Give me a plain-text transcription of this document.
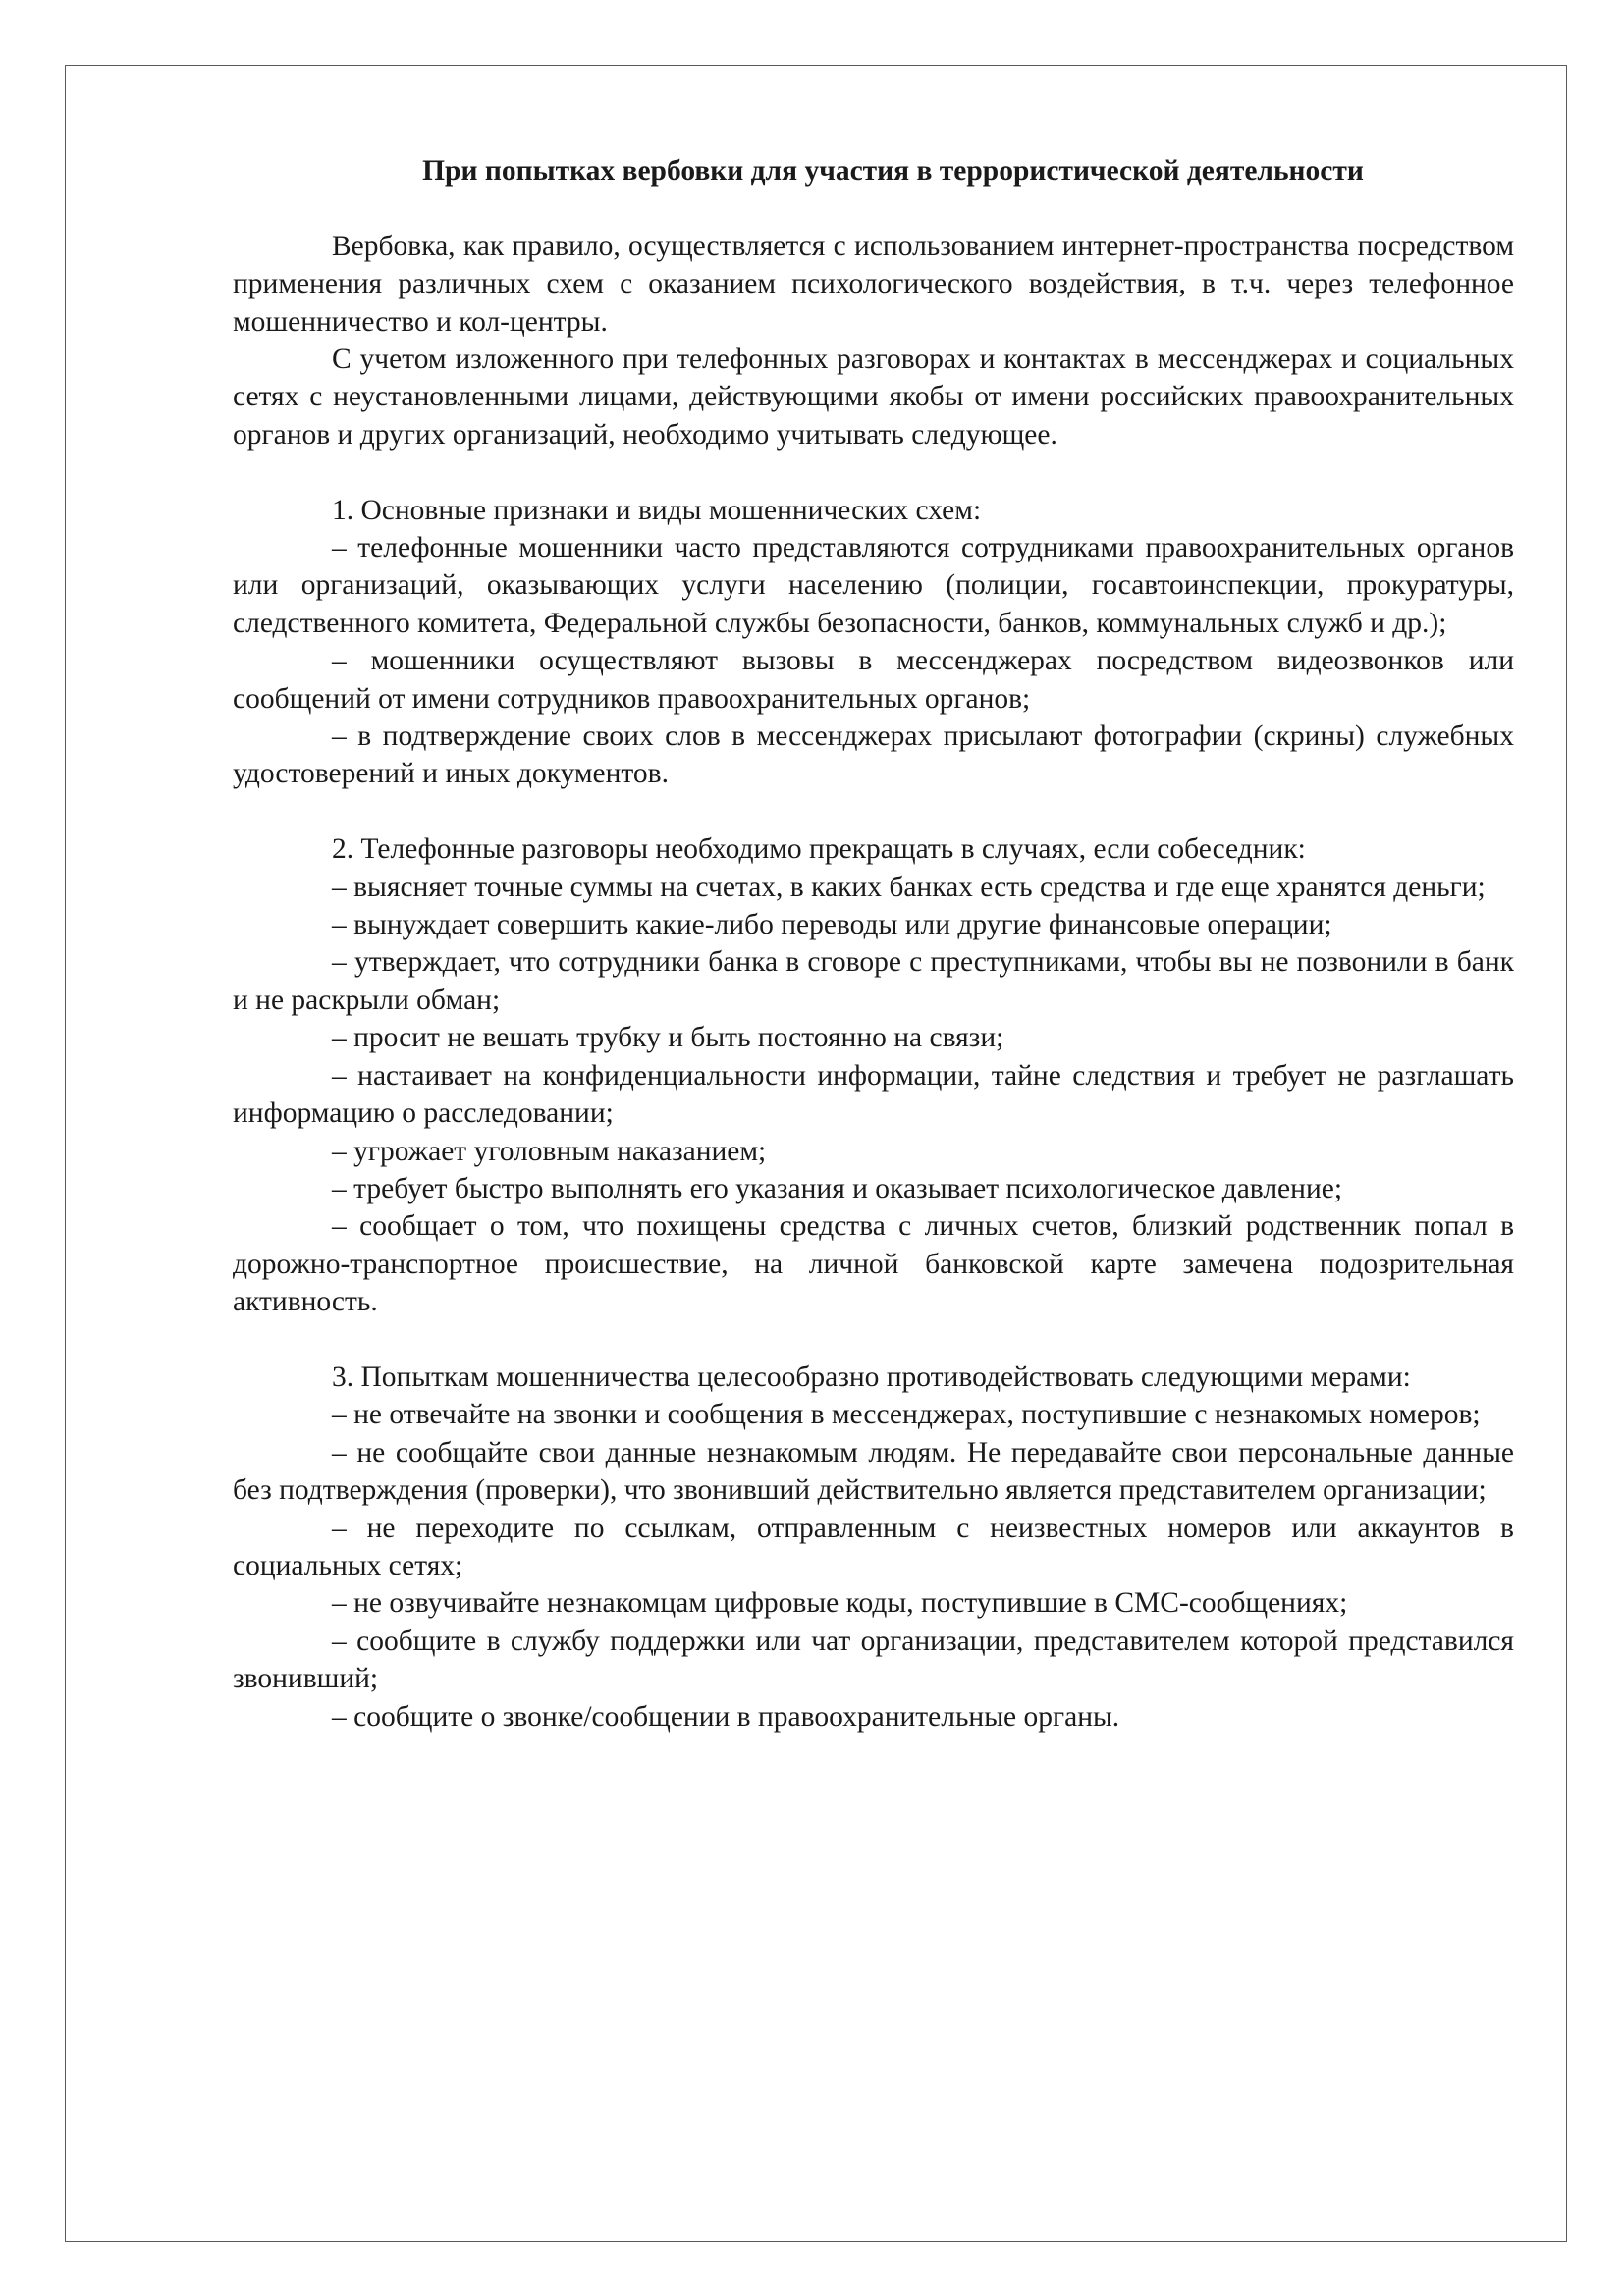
При попытках вербовки для участия в террористической деятельности

Вербовка, как правило, осуществляется с использованием интернет-пространства посредством применения различных схем с оказанием психологического воздействия, в т.ч. через телефонное мошенничество и кол-центры.

С учетом изложенного при телефонных разговорах и контактах в мессенджерах и социальных сетях с неустановленными лицами, действующими якобы от имени российских правоохранительных органов и других организаций, необходимо учитывать следующее.

1. Основные признаки и виды мошеннических схем:

– телефонные мошенники часто представляются сотрудниками правоохранительных органов или организаций, оказывающих услуги населению (полиции, госавтоинспекции, прокуратуры, следственного комитета, Федеральной службы безопасности, банков, коммунальных служб и др.);

– мошенники осуществляют вызовы в мессенджерах посредством видеозвонков или сообщений от имени сотрудников правоохранительных органов;

– в подтверждение своих слов в мессенджерах присылают фотографии (скрины) служебных удостоверений и иных документов.

2. Телефонные разговоры необходимо прекращать в случаях, если собеседник:

– выясняет точные суммы на счетах, в каких банках есть средства и где еще хранятся деньги;

– вынуждает совершить какие-либо переводы или другие финансовые операции;

– утверждает, что сотрудники банка в сговоре с преступниками, чтобы вы не позвонили в банк и не раскрыли обман;

– просит не вешать трубку и быть постоянно на связи;

– настаивает на конфиденциальности информации, тайне следствия и требует не разглашать информацию о расследовании;

– угрожает уголовным наказанием;

– требует быстро выполнять его указания и оказывает психологическое давление;

– сообщает о том, что похищены средства с личных счетов, близкий родственник попал в дорожно-транспортное происшествие, на личной банковской карте замечена подозрительная активность.

3. Попыткам мошенничества целесообразно противодействовать следующими мерами:

– не отвечайте на звонки и сообщения в мессенджерах, поступившие с незнакомых номеров;

– не сообщайте свои данные незнакомым людям. Не передавайте свои персональные данные без подтверждения (проверки), что звонивший действительно является представителем организации;

– не переходите по ссылкам, отправленным с неизвестных номеров или аккаунтов в социальных сетях;

– не озвучивайте незнакомцам цифровые коды, поступившие в СМС-сообщениях;

– сообщите в службу поддержки или чат организации, представителем которой представился звонивший;

– сообщите о звонке/сообщении в правоохранительные органы.
